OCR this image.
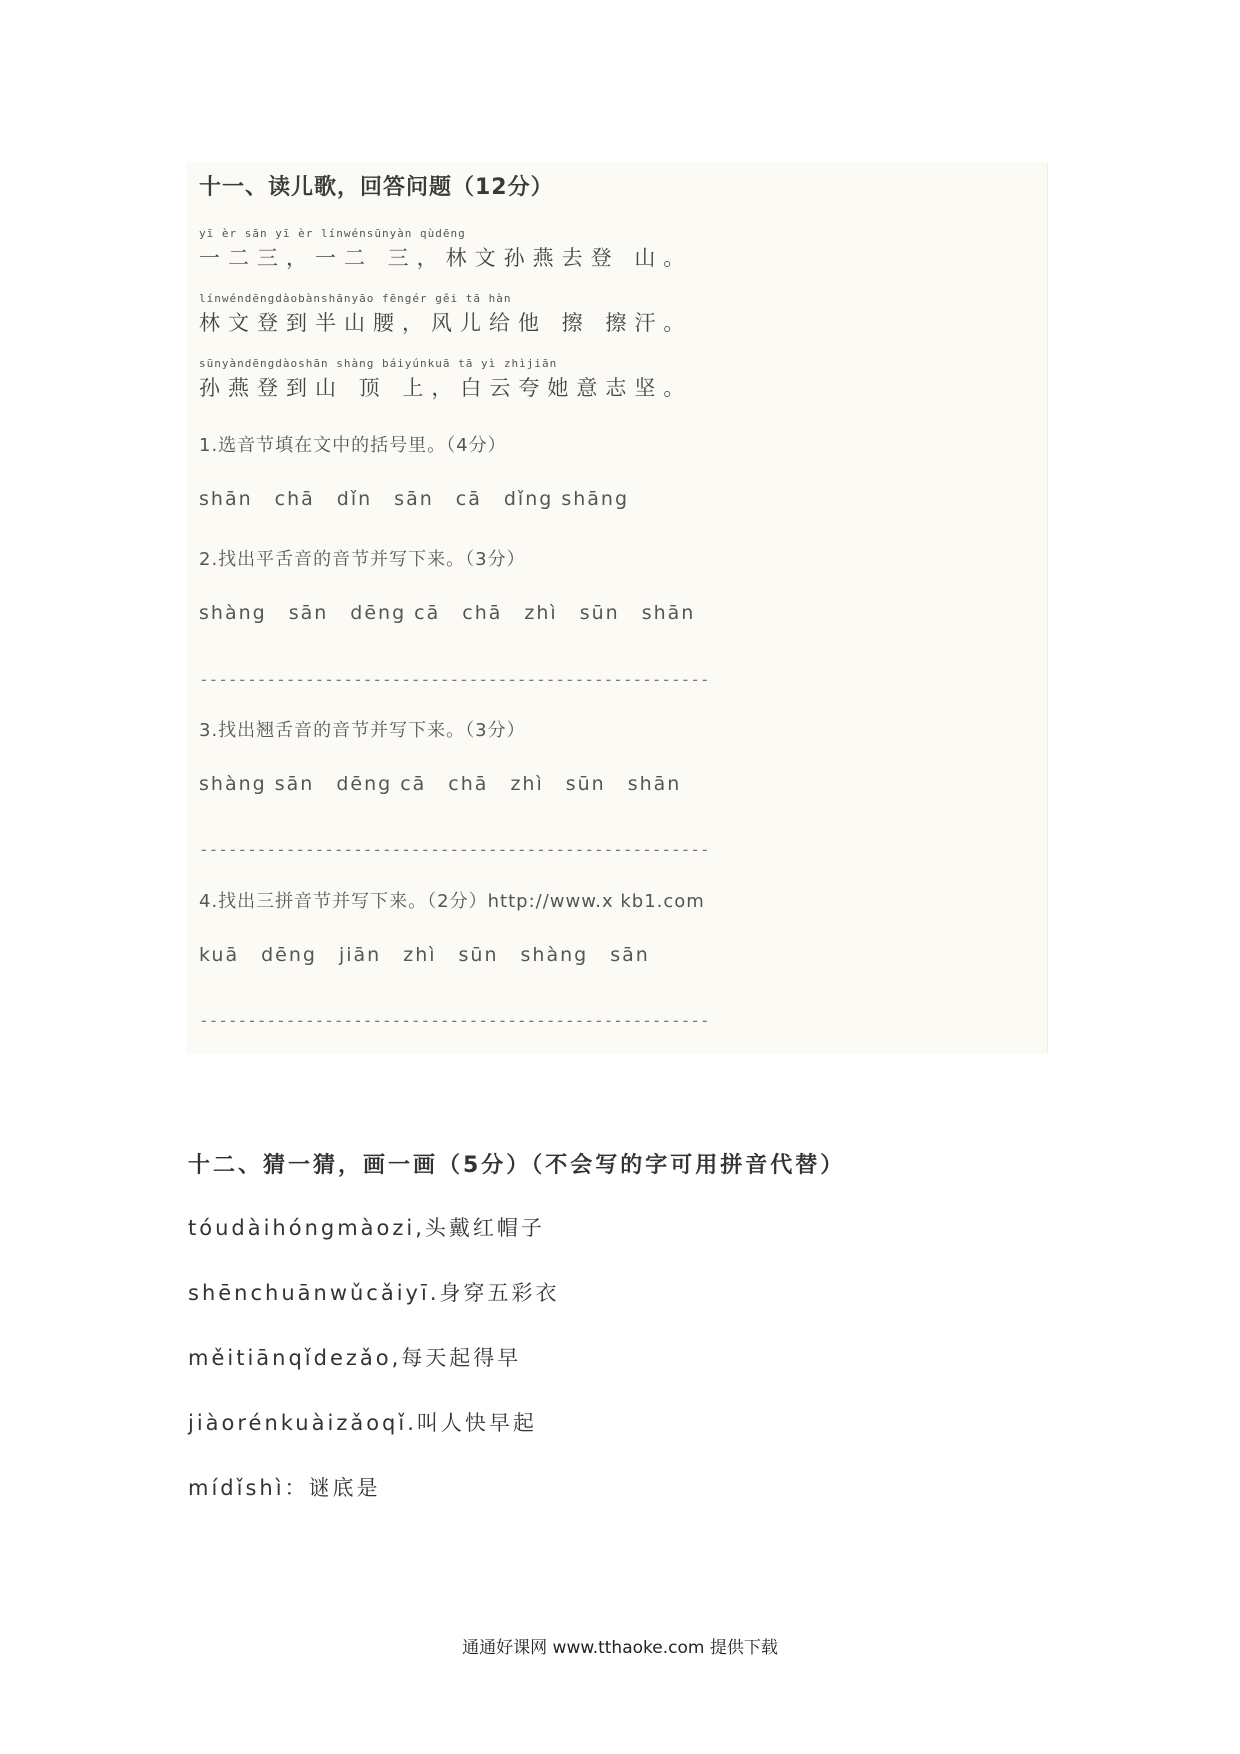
十一、读儿歌，回答问题（12分）
yī èr sān yī èr línwénsūnyàn qùdēng
一二三，一二 三，林文孙燕去登 山。
línwéndēngdàobànshānyāo fēngér gěi tā hàn
林文登到半山腰，风儿给他 擦 擦汗。
sūnyàndēngdàoshān shàng báiyúnkuā tā yì zhìjiān
孙燕登到山 顶 上，白云夸她意志坚。
1.选音节填在文中的括号里。（4分）
shān chā dǐn sān cā dǐng shāng
2.找出平舌音的音节并写下来。（3分）
shàng sān dēng cā chā zhì sūn shān
-----------------------------------------------------
3.找出翘舌音的音节并写下来。（3分）
shàng sān dēng cā chā zhì sūn shān
-----------------------------------------------------
4.找出三拼音节并写下来。（2分）http://www.x kb1.com
kuā dēng jiān zhì sūn shàng sān
-----------------------------------------------------
十二、猜一猜，画一画（5分）（不会写的字可用拼音代替）
tóudàihóngmàozi,头戴红帽子
shēnchuānwǔcǎiyī.身穿五彩衣
měitiānqǐdezǎo,每天起得早
jiàorénkuàizǎoqǐ.叫人快早起
mídǐshì：谜底是
通通好课网 www.tthaoke.com 提供下载
